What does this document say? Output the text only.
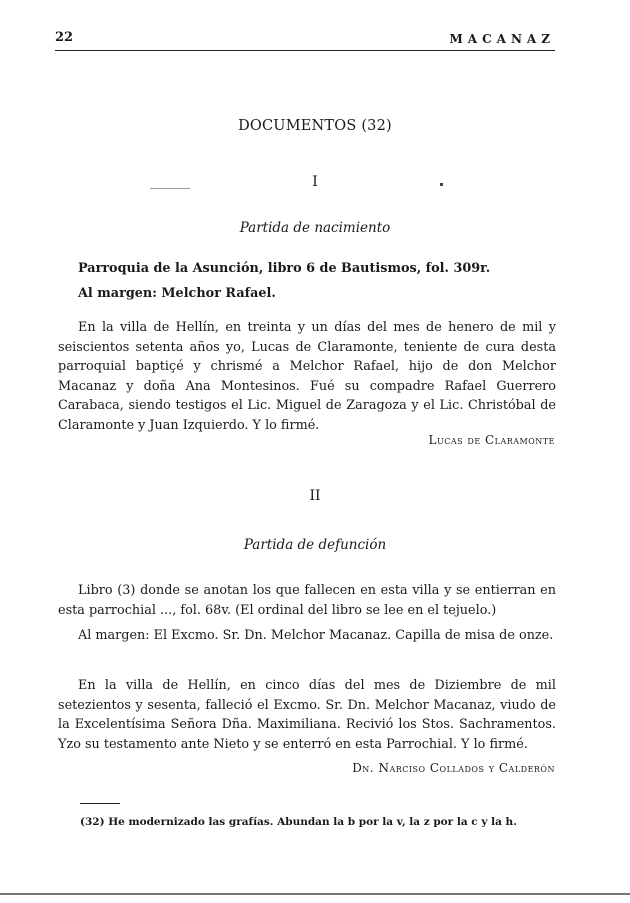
22	MACANAZ
DOCUMENTOS (32)
I
Partida de nacimiento

Parroquia de la Asunción, libro 6 de Bautismos, fol. 309r.

Al margen: Melchor Rafael.

En la villa de Hellín, en treinta y un días del mes de henero de mil y seiscientos setenta años yo, Lucas de Claramonte, teniente de cura desta parroquial baptiçé y chrismé a Melchor Rafael, hijo de don Melchor Macanaz y doña Ana Montesinos. Fué su compadre Rafael Guerrero Carabaca, siendo testigos el Lic. Miguel de Zaragoza y el Lic. Christóbal de Claramonte y Juan Izquierdo. Y lo firmé.

Lucas de Claramonte
II
Partida de defunción

Libro (3) donde se anotan los que fallecen en esta villa y se entierran en esta parrochial ..., fol. 68v. (El ordinal del libro se lee en el tejuelo.)

Al margen: El Excmo. Sr. Dn. Melchor Macanaz. Capilla de misa de onze.

En la villa de Hellín, en cinco días del mes de Diziembre de mil setezientos y sesenta, falleció el Excmo. Sr. Dn. Melchor Macanaz, viudo de la Excelentísima Señora Dña. Maximiliana. Recivió los Stos. Sachramentos. Yzo su testamento ante Nieto y se enterró en esta Parrochial. Y lo firmé.

Dn. Narciso Collados y Calderón
(32) He modernizado las grafías. Abundan la b por la v, la z por la c y la h.
